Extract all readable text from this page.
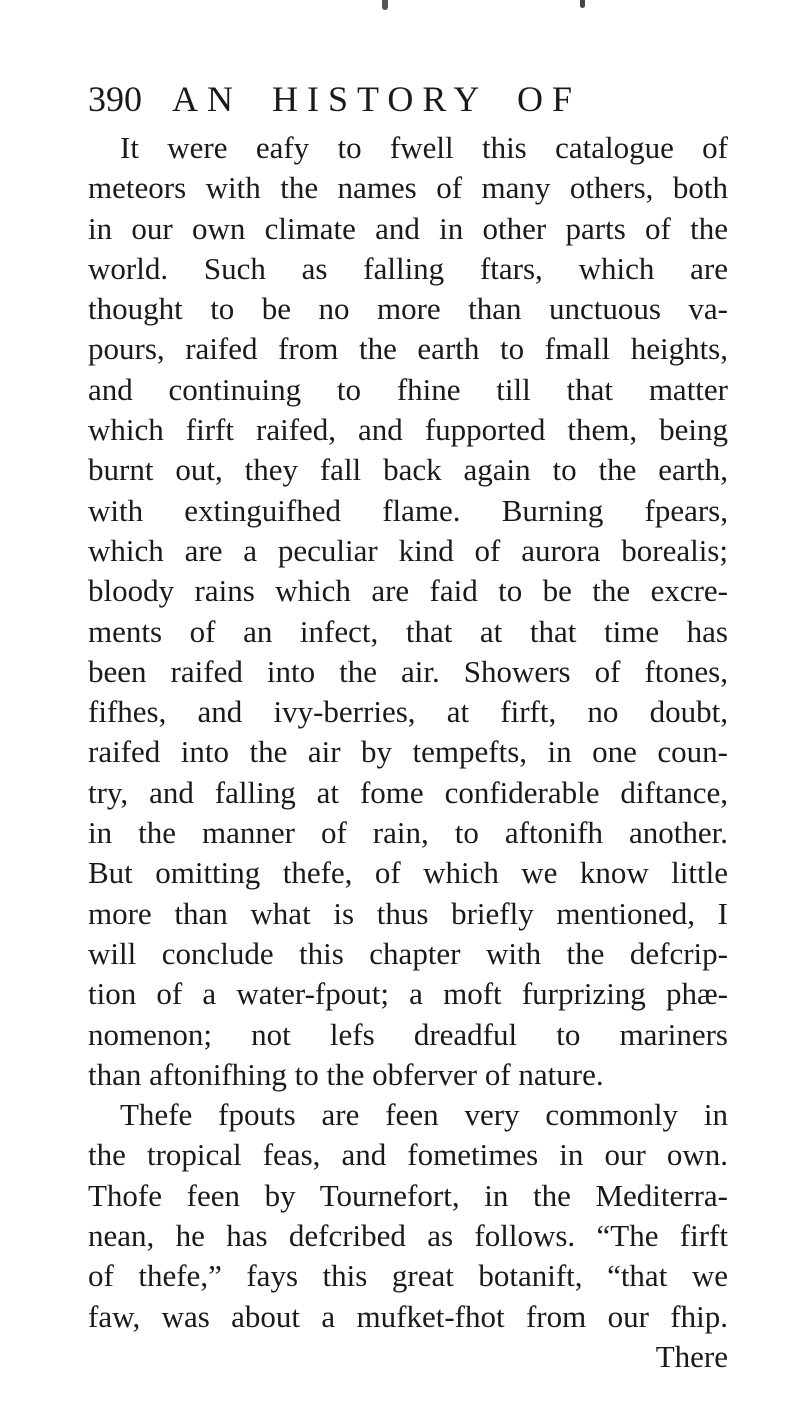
390 AN HISTORY OF
It were eafy to fwell this catalogue of
meteors with the names of many others, both
in our own climate and in other parts of the
world. Such as falling ftars, which are
thought to be no more than unctuous va-
pours, raifed from the earth to fmall heights,
and continuing to fhine till that matter
which firft raifed, and fupported them, being
burnt out, they fall back again to the earth,
with extinguifhed flame. Burning fpears,
which are a peculiar kind of aurora borealis;
bloody rains which are faid to be the excre-
ments of an infect, that at that time has
been raifed into the air. Showers of ftones,
fifhes, and ivy-berries, at firft, no doubt,
raifed into the air by tempefts, in one coun-
try, and falling at fome confiderable diftance,
in the manner of rain, to aftonifh another.
But omitting thefe, of which we know little
more than what is thus briefly mentioned, I
will conclude this chapter with the defcrip-
tion of a water-fpout; a moft furprizing phæ-
nomenon; not lefs dreadful to mariners
than aftonifhing to the obferver of nature.
Thefe fpouts are feen very commonly in
the tropical feas, and fometimes in our own.
Thofe feen by Tournefort, in the Mediterra-
nean, he has defcribed as follows. “The firft
of thefe,” fays this great botanift, “that we
faw, was about a mufket-fhot from our fhip.
There
